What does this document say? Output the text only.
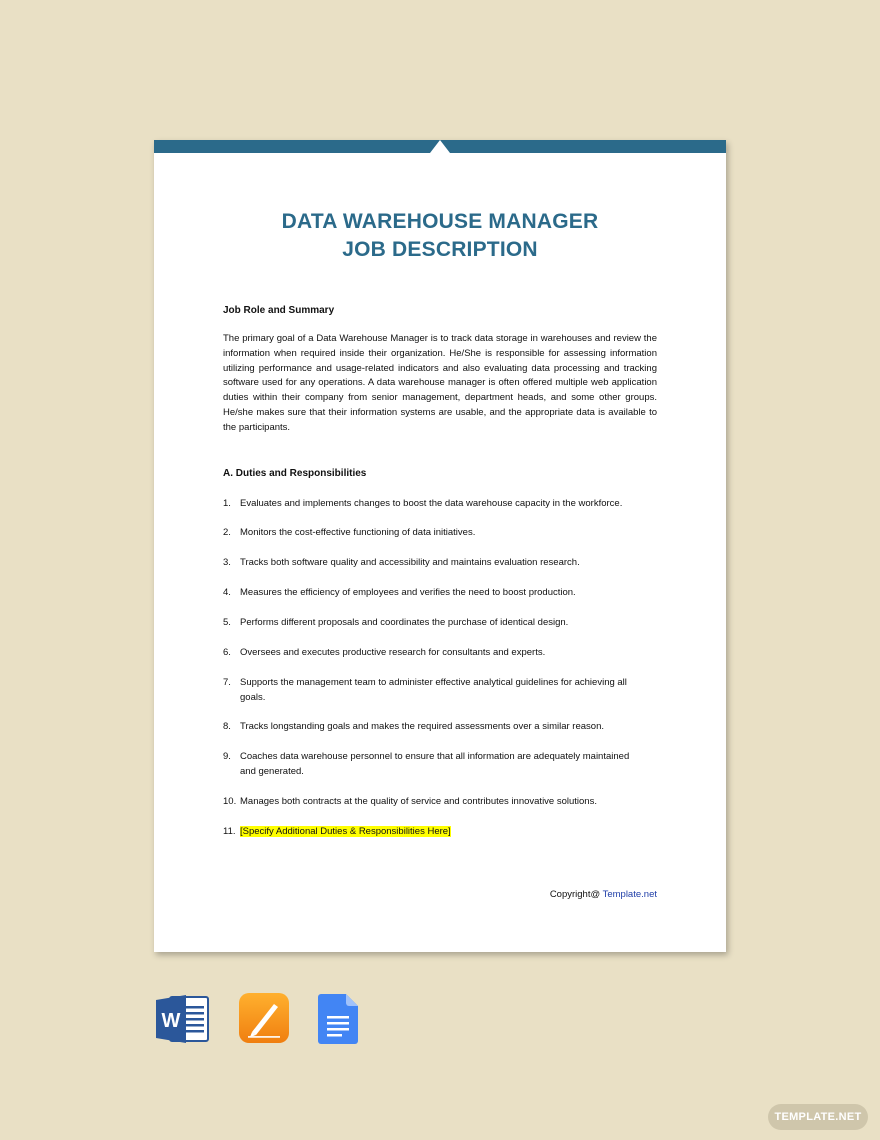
DATA WAREHOUSE MANAGER
JOB DESCRIPTION

Job Role and Summary

The primary goal of a Data Warehouse Manager is to track data storage in warehouses and review the information when required inside their organization. He/She is responsible for assessing information utilizing performance and usage-related indicators and also evaluating data processing and tracking software used for any operations. A data warehouse manager is often offered multiple web application duties within their company from senior management, department heads, and some other groups. He/she makes sure that their information systems are usable, and the appropriate data is available to the participants.

A. Duties and Responsibilities

1. Evaluates and implements changes to boost the data warehouse capacity in the workforce.
2. Monitors the cost-effective functioning of data initiatives.
3. Tracks both software quality and accessibility and maintains evaluation research.
4. Measures the efficiency of employees and verifies the need to boost production.
5. Performs different proposals and coordinates the purchase of identical design.
6. Oversees and executes productive research for consultants and experts.
7. Supports the management team to administer effective analytical guidelines for achieving all goals.
8. Tracks longstanding goals and makes the required assessments over a similar reason.
9. Coaches data warehouse personnel to ensure that all information are adequately maintained and generated.
10. Manages both contracts at the quality of service and contributes innovative solutions.
11. [Specify Additional Duties & Responsibilities Here]
Copyright@ Template.net
W
TEMPLATE.NET
